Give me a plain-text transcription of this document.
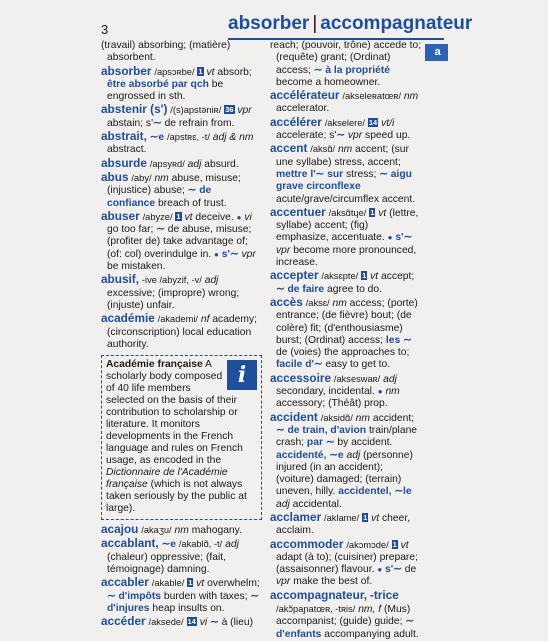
3	absorber | accompagnateur
a

(travail) absorbing; (matière) absorbent.

absorber /apsɔʀbe/ 1 vt absorb; être absorbé par qch be engrossed in sth.

abstenir (s') /(s)apstəniʀ/ 36 vpr abstain; s'∼ de refrain from.

abstrait, ∼e /apstʀɛ, -t/ adj & nm abstract.

absurde /apsyʀd/ adj absurd.

abus /aby/ nm abuse, misuse; (injustice) abuse; ∼ de confiance breach of trust.

abuser /abyze/ 1 vt deceive. ● vi go too far; ∼ de abuse, misuse; (profiter de) take advantage of; (of: col) overindulge in. ● s'∼ vpr be mistaken.

abusif, -ive /abyzif, -v/ adj excessive; (impropre) wrong; (injuste) unfair.

académie /akademi/ nf academy; (circonscription) local education authority.

i
Académie française A scholarly body composed of 40 life members selected on the basis of their contribution to scholarship or literature. It monitors developments in the French language and rules on French usage, as encoded in the Dictionnaire de l'Académie française (which is not always taken seriously by the public at large).

acajou /akaʒu/ nm mahogany.

accablant, ∼e /akablɑ̃, -t/ adj (chaleur) oppressive; (fait, témoignage) damning.

accabler /akable/ 1 vt overwhelm; ∼ d'impôts burden with taxes; ∼ d'injures heap insults on.

accéder /aksede/ 14 vi ∼ à (lieu)

reach; (pouvoir, trône) accede to; (requête) grant; (Ordinat) access; ∼ à la propriété become a homeowner.

accélérateur /akseleʀatœʀ/ nm accelerator.

accélérer /akselere/ 14 vt/i accelerate; s'∼ vpr speed up.

accent /aksɑ̃/ nm accent; (sur une syllabe) stress, accent; mettre l'∼ sur stress; ∼ aigu grave circonflexe acute/grave/circumflex accent.

accentuer /aksɑ̃tɥe/ 1 vt (lettre, syllabe) accent; (fig) emphasize, accentuate. ● s'∼ vpr become more pronounced, increase.

accepter /aksɛpte/ 1 vt accept; ∼ de faire agree to do.

accès /aksɛ/ nm access; (porte) entrance; (de fièvre) bout; (de colère) fit; (d'enthousiasme) burst; (Ordinat) access; les ∼ de (voies) the approaches to; facile d'∼ easy to get to.

accessoire /akseswaʀ/ adj secondary, incidental. ● nm accessory; (Théât) prop.

accident /aksidɑ̃/ nm accident; ∼ de train, d'avion train/plane crash; par ∼ by accident. accidenté, ∼e adj (personne) injured (in an accident); (voiture) damaged; (terrain) uneven, hilly. accidentel, ∼le adj accidental.

acclamer /aklame/ 1 vt cheer, acclaim.

accommoder /akɔmɔde/ 1 vt adapt (à to); (cuisiner) prepare; (assaisonner) flavour. ● s'∼ de vpr make the best of.

accompagnateur, -trice /akɔ̃paɲatœʀ, -tʀis/ nm, f (Mus) accompanist; (guide) guide; ∼ d'enfants accompanying adult.
